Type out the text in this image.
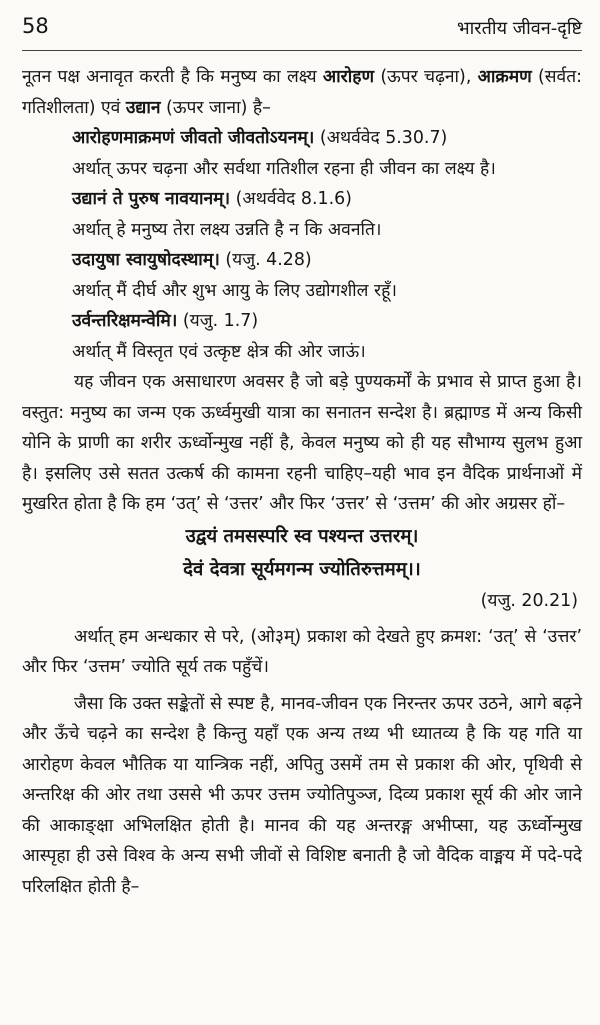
58	भारतीय जीवन-दृष्टि

नूतन पक्ष अनावृत करती है कि मनुष्य का लक्ष्य आरोहण (ऊपर चढ़ना), आक्रमण (सर्वत: गतिशीलता) एवं उद्यान (ऊपर जाना) है–

आरोहणमाक्रमणं जीवतो जीवतोऽयनम्। (अथर्ववेद 5.30.7)

अर्थात् ऊपर चढ़ना और सर्वथा गतिशील रहना ही जीवन का लक्ष्य है।

उद्यानं ते पुरुष नावयानम्। (अथर्ववेद 8.1.6)

अर्थात् हे मनुष्य तेरा लक्ष्य उन्नति है न कि अवनति।

उदायुषा स्वायुषोदस्थाम्। (यजु. 4.28)

अर्थात् मैं दीर्घ और शुभ आयु के लिए उद्योगशील रहूँ।

उर्वन्तरिक्षमन्वेमि। (यजु. 1.7)

अर्थात् मैं विस्तृत एवं उत्कृष्ट क्षेत्र की ओर जाऊं।

यह जीवन एक असाधारण अवसर है जो बड़े पुण्यकर्मों के प्रभाव से प्राप्त हुआ है। वस्तुत: मनुष्य का जन्म एक ऊर्ध्वमुखी यात्रा का सनातन सन्देश है। ब्रह्माण्ड में अन्य किसी योनि के प्राणी का शरीर ऊर्ध्वोन्मुख नहीं है, केवल मनुष्य को ही यह सौभाग्य सुलभ हुआ है। इसलिए उसे सतत उत्कर्ष की कामना रहनी चाहिए–यही भाव इन वैदिक प्रार्थनाओं में मुखरित होता है कि हम ‘उत्’ से ‘उत्तर’ और फिर ‘उत्तर’ से ‘उत्तम’ की ओर अग्रसर हों–

उद्वयं तमसस्परि स्व पश्यन्त उत्तरम्।

देवं देवत्रा सूर्यमगन्म ज्योतिरुत्तमम्।।

(यजु. 20.21)

अर्थात् हम अन्धकार से परे, (ओ३म्) प्रकाश को देखते हुए क्रमश: ‘उत्’ से ‘उत्तर’ और फिर ‘उत्तम’ ज्योति सूर्य तक पहुँचें।

जैसा कि उक्त सङ्केतों से स्पष्ट है, मानव-जीवन एक निरन्तर ऊपर उठने, आगे बढ़ने और ऊँचे चढ़ने का सन्देश है किन्तु यहाँ एक अन्य तथ्य भी ध्यातव्य है कि यह गति या आरोहण केवल भौतिक या यान्त्रिक नहीं, अपितु उसमें तम से प्रकाश की ओर, पृथिवी से अन्तरिक्ष की ओर तथा उससे भी ऊपर उत्तम ज्योतिपुञ्ज, दिव्य प्रकाश सूर्य की ओर जाने की आकाङ्क्षा अभिलक्षित होती है। मानव की यह अन्तरङ्ग अभीप्सा, यह ऊर्ध्वोन्मुख आस्पृहा ही उसे विश्व के अन्य सभी जीवों से विशिष्ट बनाती है जो वैदिक वाङ्मय में पदे-पदे परिलक्षित होती है–
